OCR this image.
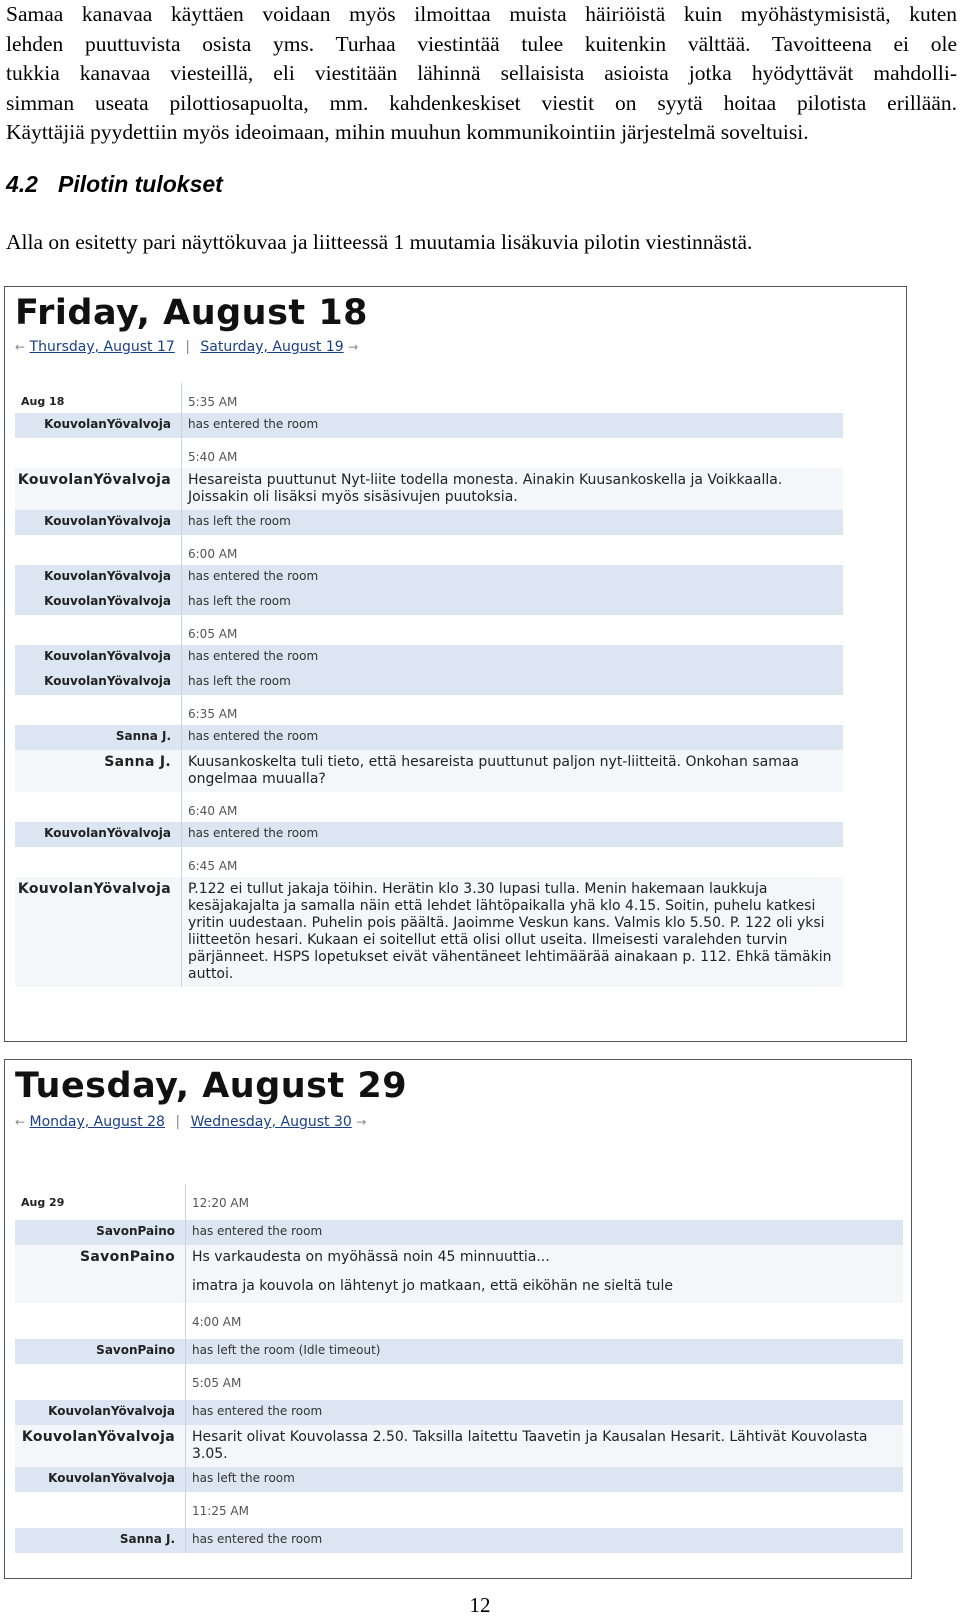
Samaa kanavaa käyttäen voidaan myös ilmoittaa muista häiriöistä kuin myöhästymisistä, kuten
lehden puuttuvista osista yms. Turhaa viestintää tulee kuitenkin välttää. Tavoitteena ei ole
tukkia kanavaa viesteillä, eli viestitään lähinnä sellaisista asioista jotka hyödyttävät mahdolli-
simman useata pilottiosapuolta, mm. kahdenkeskiset viestit on syytä hoitaa pilotista erillään.
Käyttäjiä pyydettiin myös ideoimaan, mihin muuhun kommunikointiin järjestelmä soveltuisi.
4.2 Pilotin tulokset
Alla on esitetty pari näyttökuvaa ja liitteessä 1 muutamia lisäkuvia pilotin viestinnästä.
Friday, August 18
← Thursday, August 17 | Saturday, August 19 →
Aug 18	5:35 AM
KouvolanYövalvoja	has entered the room
5:40 AM
KouvolanYövalvoja	Hesareista puuttunut Nyt-liite todella monesta. Ainakin Kuusankoskella ja Voikkaalla. Joissakin oli lisäksi myös sisäsivujen puutoksia.
KouvolanYövalvoja	has left the room
6:00 AM
KouvolanYövalvoja	has entered the room
KouvolanYövalvoja	has left the room
6:05 AM
KouvolanYövalvoja	has entered the room
KouvolanYövalvoja	has left the room
6:35 AM
Sanna J.	has entered the room
Sanna J.	Kuusankoskelta tuli tieto, että hesareista puuttunut paljon nyt-liitteitä. Onkohan samaa ongelmaa muualla?
6:40 AM
KouvolanYövalvoja	has entered the room
6:45 AM
KouvolanYövalvoja	P.122 ei tullut jakaja töihin. Herätin klo 3.30 lupasi tulla. Menin hakemaan laukkuja kesäjakajalta ja samalla näin että lehdet lähtöpaikalla yhä klo 4.15. Soitin, puhelu katkesi yritin uudestaan. Puhelin pois päältä. Jaoimme Veskun kans. Valmis klo 5.50. P. 122 oli yksi liitteetön hesari. Kukaan ei soitellut että olisi ollut useita. Ilmeisesti varalehden turvin pärjänneet. HSPS lopetukset eivät vähentäneet lehtimäärää ainakaan p. 112. Ehkä tämäkin auttoi.
Tuesday, August 29
← Monday, August 28 | Wednesday, August 30 →
Aug 29	12:20 AM
SavonPaino	has entered the room
SavonPaino	Hs varkaudesta on myöhässä noin 45 minnuuttia...
imatra ja kouvola on lähtenyt jo matkaan, että eiköhän ne sieltä tule
4:00 AM
SavonPaino	has left the room (Idle timeout)
5:05 AM
KouvolanYövalvoja	has entered the room
KouvolanYövalvoja	Hesarit olivat Kouvolassa 2.50. Taksilla laitettu Taavetin ja Kausalan Hesarit. Lähtivät Kouvolasta 3.05.
KouvolanYövalvoja	has left the room
11:25 AM
Sanna J.	has entered the room
12
